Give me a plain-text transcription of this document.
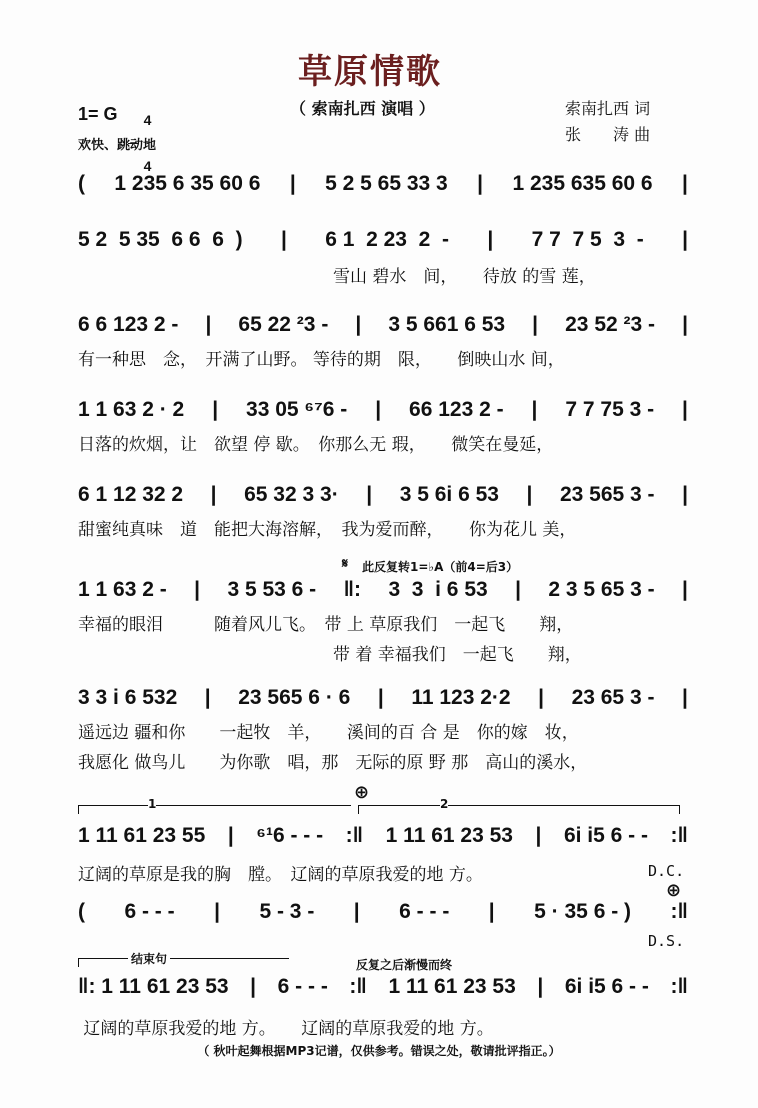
草原情歌
（ 索南扎西 演唱 ）
1= G	4

4

欢快、跳动地
索南扎西 词
张　　涛 曲
( 1 235 6 35 60 6 | 5 2 5 65 33 3 | 1 235 635 60 6 |
5 2  5 35  6 6  6  ) | 6 1  2 23  2  - | 7 7  7 5  3  - |
6 6 123 2 - | 65 22 ²3 - | 3 5 661 6 53 | 23 52 ²3 - |
1 1 63 2 · 2 | 33 05 ⁶⁷6 - | 66 123 2 - | 7 7 75 3 - |
6 1 12 32 2 | 65 32 3 3· | 3 5 6i 6 53 | 23 565 3 - |
1 1 63 2 - | 3 5 53 6 - ‖: 3  3  i 6 53 | 2 3 5 65 3 - |
3 3 i 6 532 | 23 565 6 · 6 | 11 123 2·2 | 23 65 3 - |
1 11 61 23 55 | ⁶¹6 - - - :‖ 1 11 61 23 53 | 6i i5 6 - - :‖
( 6 - - - | 5 - 3 - | 6 - - - | 5 · 35 6 - ) :‖
‖: 1 11 61 23 53 | 6 - - - :‖ 1 11 61 23 53 | 6i i5 6 - - :‖
　　　　　　　　　　　　　　　雪山 碧水　间，　　待放 的雪 莲，
有一种思　念，　开满了山野。 等待的期　限，　　倒映山水 间，
日落的炊烟，让　欲望 停 歇。　你那么无 瑕，　　微笑在曼延，
甜蜜纯真味　道　能把大海溶解，　我为爱而醉，　　你为花儿 美，
幸福的眼泪　　　随着风儿飞。　带 上 草原我们　一起飞　　翔，
　　　　　　　　　　　　　　　带 着 幸福我们　一起飞　　翔，
遥远边 疆和你　　一起牧　羊，　　溪间的百 合 是　你的嫁　妆，
我愿化 做鸟儿　　为你歌　唱，那　无际的原 野 那　高山的溪水，
辽阔的草原是我的胸　膛。　辽阔的草原我爱的地 方。
辽阔的草原我爱的地 方。　　辽阔的草原我爱的地 方。
𝄋 此反复转1=♭A（前4=后3）
1
⊕
2
D.C.
⊕
D.S.
结束句	反复之后渐慢而终
（ 秋叶起舞根据MP3记谱，仅供参考。错误之处，敬请批评指正。）
